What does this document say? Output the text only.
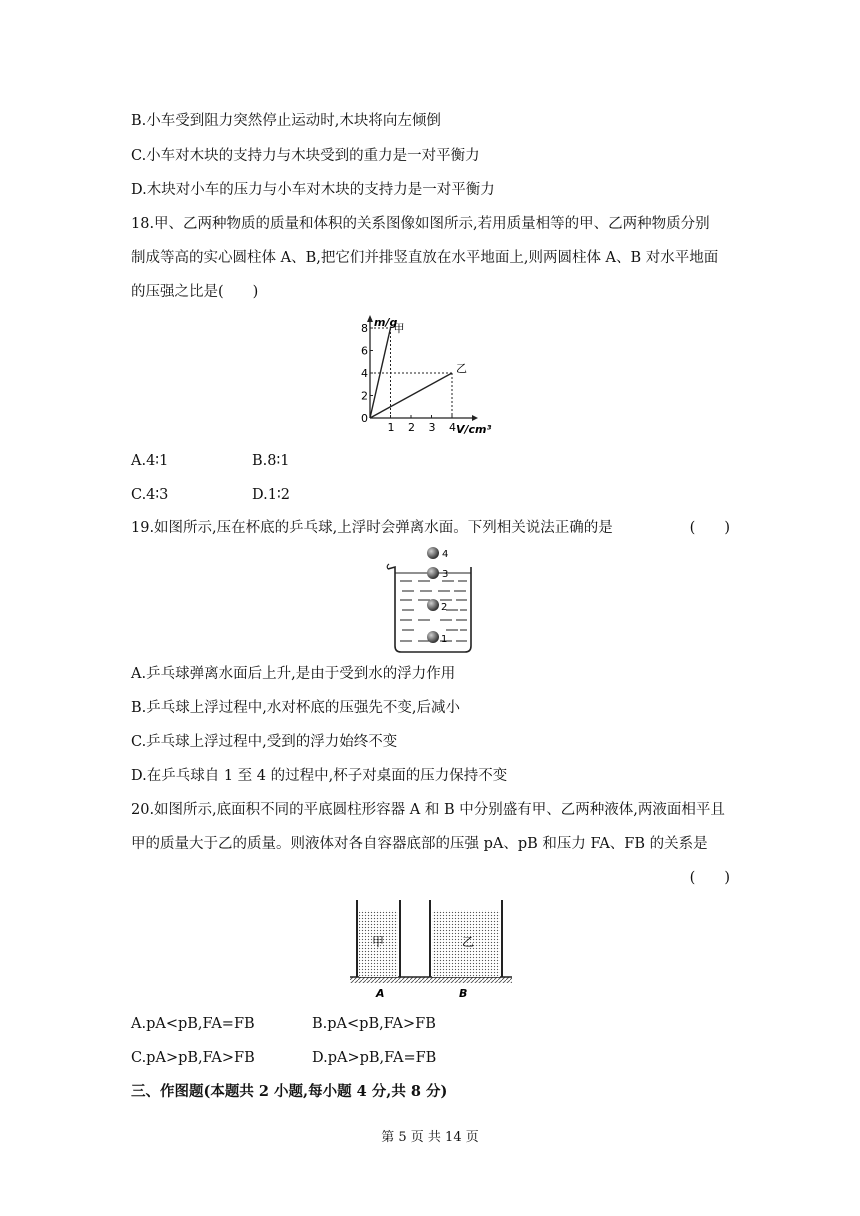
B.小车受到阻力突然停止运动时,木块将向左倾倒
C.小车对木块的支持力与木块受到的重力是一对平衡力
D.木块对小车的压力与小车对木块的支持力是一对平衡力
18.甲、乙两种物质的质量和体积的关系图像如图所示,若用质量相等的甲、乙两种物质分别
制成等高的实心圆柱体 A、B,把它们并排竖直放在水平地面上,则两圆柱体 A、B 对水平地面
的压强之比是(　　)
0
2
4
6
8
1 2 3 4
m/g
V/cm³
甲
乙
A.4∶1	B.8∶1
C.4∶3	D.1∶2
19.如图所示,压在杯底的乒乓球,上浮时会弹离水面。下列相关说法正确的是	(　　)
4
3
2
1
A.乒乓球弹离水面后上升,是由于受到水的浮力作用
B.乒乓球上浮过程中,水对杯底的压强先不变,后减小
C.乒乓球上浮过程中,受到的浮力始终不变
D.在乒乓球自 1 至 4 的过程中,杯子对桌面的压力保持不变
20.如图所示,底面积不同的平底圆柱形容器 A 和 B 中分别盛有甲、乙两种液体,两液面相平且
甲的质量大于乙的质量。则液体对各自容器底部的压强 pA、pB 和压力 FA、FB 的关系是
(　　)
甲	乙
A	B
A.pA<pB,FA=FB	B.pA<pB,FA>FB
C.pA>pB,FA>FB	D.pA>pB,FA=FB
三、作图题(本题共 2 小题,每小题 4 分,共 8 分)
第 5 页 共 14 页
